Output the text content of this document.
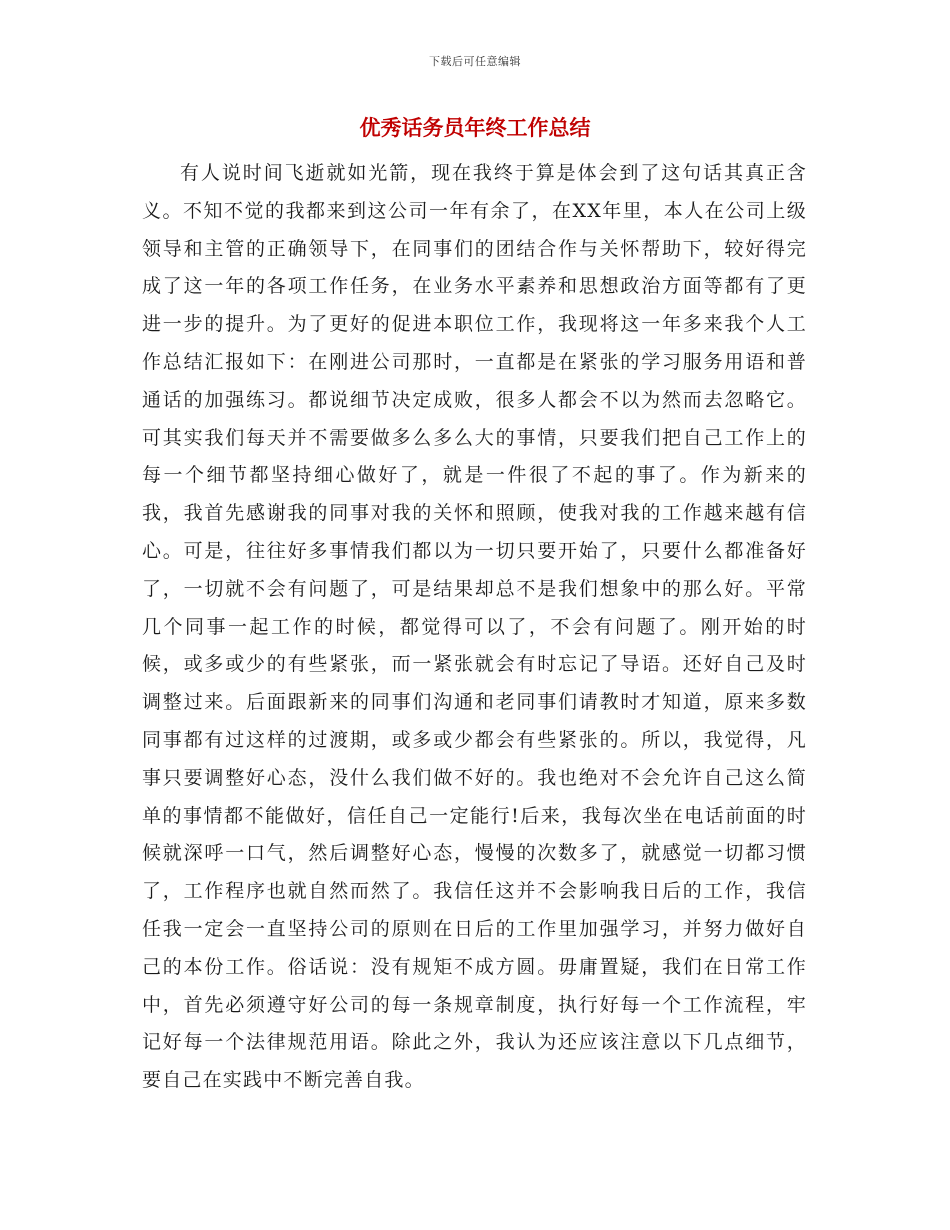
下载后可任意编辑
优秀话务员年终工作总结

有人说时间飞逝就如光箭，现在我终于算是体会到了这句话其真正含义。不知不觉的我都来到这公司一年有余了，在XX年里，本人在公司上级领导和主管的正确领导下，在同事们的团结合作与关怀帮助下，较好得完成了这一年的各项工作任务，在业务水平素养和思想政治方面等都有了更进一步的提升。为了更好的促进本职位工作，我现将这一年多来我个人工作总结汇报如下：在刚进公司那时，一直都是在紧张的学习服务用语和普通话的加强练习。都说细节决定成败，很多人都会不以为然而去忽略它。可其实我们每天并不需要做多么多么大的事情，只要我们把自己工作上的每一个细节都坚持细心做好了，就是一件很了不起的事了。作为新来的我，我首先感谢我的同事对我的关怀和照顾，使我对我的工作越来越有信心。可是，往往好多事情我们都以为一切只要开始了，只要什么都准备好了，一切就不会有问题了，可是结果却总不是我们想象中的那么好。平常几个同事一起工作的时候，都觉得可以了，不会有问题了。刚开始的时候，或多或少的有些紧张，而一紧张就会有时忘记了导语。还好自己及时调整过来。后面跟新来的同事们沟通和老同事们请教时才知道，原来多数同事都有过这样的过渡期，或多或少都会有些紧张的。所以，我觉得，凡事只要调整好心态，没什么我们做不好的。我也绝对不会允许自己这么简单的事情都不能做好，信任自己一定能行!后来，我每次坐在电话前面的时候就深呼一口气，然后调整好心态，慢慢的次数多了，就感觉一切都习惯了，工作程序也就自然而然了。我信任这并不会影响我日后的工作，我信任我一定会一直坚持公司的原则在日后的工作里加强学习，并努力做好自己的本份工作。俗话说：没有规矩不成方圆。毋庸置疑，我们在日常工作中，首先必须遵守好公司的每一条规章制度，执行好每一个工作流程，牢记好每一个法律规范用语。除此之外，我认为还应该注意以下几点细节，要自己在实践中不断完善自我。
